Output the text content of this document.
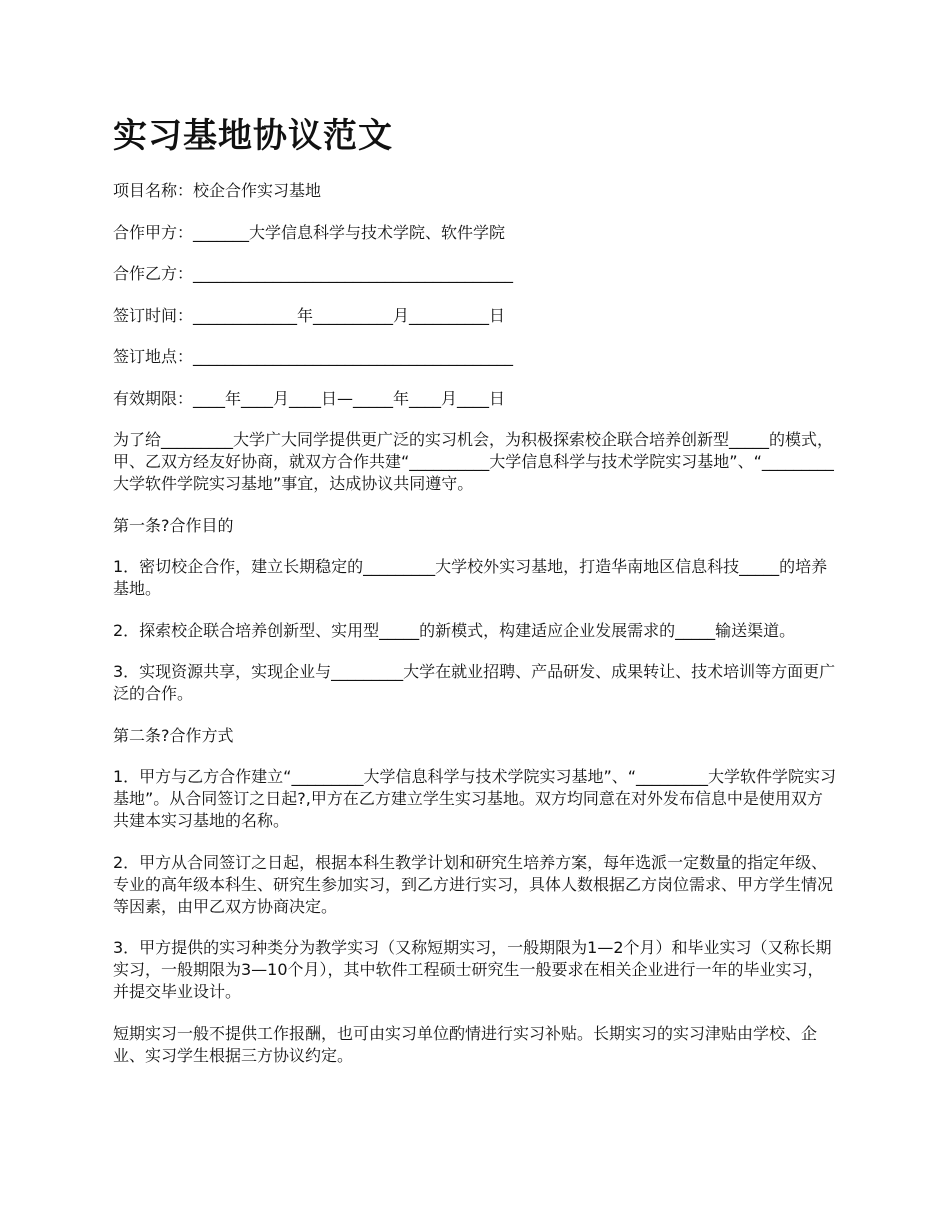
实习基地协议范文
项目名称：校企合作实习基地
合作甲方：_______大学信息科学与技术学院、软件学院
合作乙方：________________________________________
签订时间：_____________年__________月__________日
签订地点：________________________________________
有效期限：____年____月____日—_____年____月____日

为了给_________大学广大同学提供更广泛的实习机会，为积极探索校企联合培养创新型_____的模式，甲、乙双方经友好协商，就双方合作共建“__________大学信息科学与技术学院实习基地”、“_________大学软件学院实习基地”事宜，达成协议共同遵守。

第一条?合作目的

1．密切校企合作，建立长期稳定的_________大学校外实习基地，打造华南地区信息科技_____的培养基地。

2．探索校企联合培养创新型、实用型_____的新模式，构建适应企业发展需求的_____输送渠道。

3．实现资源共享，实现企业与_________大学在就业招聘、产品研发、成果转让、技术培训等方面更广泛的合作。

第二条?合作方式

1．甲方与乙方合作建立“_________大学信息科学与技术学院实习基地”、“_________大学软件学院实习基地”。从合同签订之日起?,甲方在乙方建立学生实习基地。双方均同意在对外发布信息中是使用双方共建本实习基地的名称。

2．甲方从合同签订之日起，根据本科生教学计划和研究生培养方案，每年选派一定数量的指定年级、专业的高年级本科生、研究生参加实习，到乙方进行实习，具体人数根据乙方岗位需求、甲方学生情况等因素，由甲乙双方协商决定。

3．甲方提供的实习种类分为教学实习（又称短期实习，一般期限为1—2个月）和毕业实习（又称长期实习，一般期限为3—10个月），其中软件工程硕士研究生一般要求在相关企业进行一年的毕业实习，并提交毕业设计。

短期实习一般不提供工作报酬，也可由实习单位酌情进行实习补贴。长期实习的实习津贴由学校、企业、实习学生根据三方协议约定。
